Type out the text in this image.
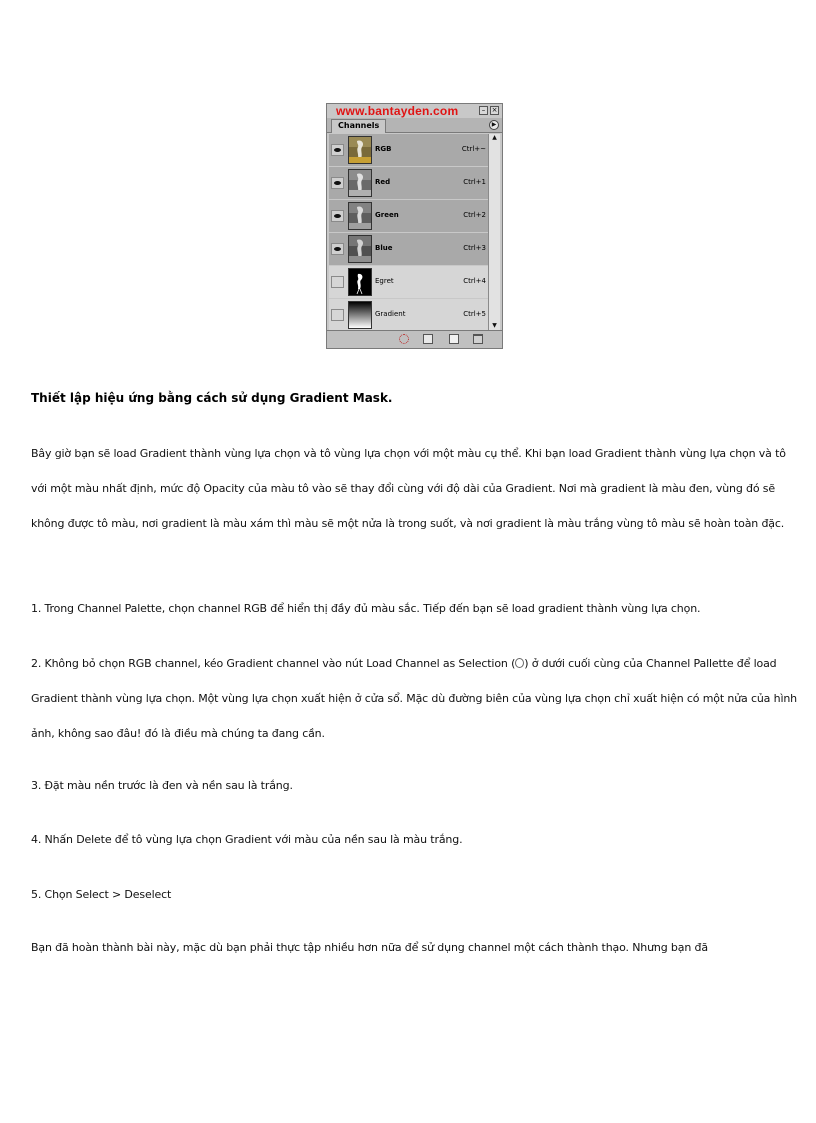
www.bantayden.com	– ×
Channels	▶
RGB	Ctrl+~
Red	Ctrl+1
Green	Ctrl+2
Blue	Ctrl+3
Egret	Ctrl+4
Gradient	Ctrl+5
▲
▼
Thiết lập hiệu ứng bằng cách sử dụng Gradient Mask.

Bây giờ bạn sẽ load Gradient thành vùng lựa chọn và tô vùng lựa chọn với một màu cụ thể. Khi bạn load Gradient thành vùng lựa chọn và tô với một màu nhất định, mức độ Opacity của màu tô vào sẽ thay đổi cùng với độ dài của Gradient. Nơi mà gradient là màu đen, vùng đó sẽ không được tô màu, nơi gradient là màu xám thì màu sẽ một nửa là trong suốt, và nơi gradient là màu trắng vùng tô màu sẽ hoàn toàn đặc.

1. Trong Channel Palette, chọn channel RGB để hiển thị đầy đủ màu sắc. Tiếp đến bạn sẽ load gradient thành vùng lựa chọn.

2. Không bỏ chọn RGB channel, kéo Gradient channel vào nút Load Channel as Selection ( ) ở dưới cuối cùng của Channel Pallette để load Gradient thành vùng lựa chọn. Một vùng lựa chọn xuất hiện ở cửa sổ. Mặc dù đường biên của vùng lựa chọn chỉ xuất hiện có một nửa của hình ảnh, không sao đâu! đó là điều mà chúng ta đang cần.

3. Đặt màu nền trước là đen và nền sau là trắng.

4. Nhấn Delete để tô vùng lựa chọn Gradient với màu của nền sau là màu trắng.

5. Chọn Select > Deselect

Bạn đã hoàn thành bài này, mặc dù bạn phải thực tập nhiều hơn nữa để sử dụng channel một cách thành thạo. Nhưng bạn đã
